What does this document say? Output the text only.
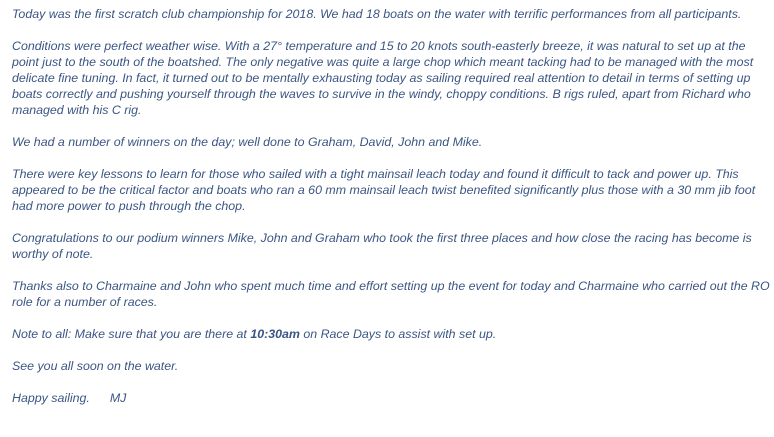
Today was the first scratch club championship for 2018. We had 18 boats on the water with terrific performances from all participants.

Conditions were perfect weather wise. With a 27° temperature and 15 to 20 knots south-easterly breeze, it was natural to set up at the point just to the south of the boatshed. The only negative was quite a large chop which meant tacking had to be managed with the most delicate fine tuning. In fact, it turned out to be mentally exhausting today as sailing required real attention to detail in terms of setting up boats correctly and pushing yourself through the waves to survive in the windy, choppy conditions. B rigs ruled, apart from Richard who managed with his C rig.

We had a number of winners on the day; well done to Graham, David, John and Mike.

There were key lessons to learn for those who sailed with a tight mainsail leach today and found it difficult to tack and power up. This appeared to be the critical factor and boats who ran a 60 mm mainsail leach twist benefited significantly plus those with a 30 mm jib foot had more power to push through the chop.

Congratulations to our podium winners Mike, John and Graham who took the first three places and how close the racing has become is worthy of note.

Thanks also to Charmaine and John who spent much time and effort setting up the event for today and Charmaine who carried out the RO role for a number of races.

Note to all: Make sure that you are there at 10:30am on Race Days to assist with set up.

See you all soon on the water.

Happy sailing. MJ
